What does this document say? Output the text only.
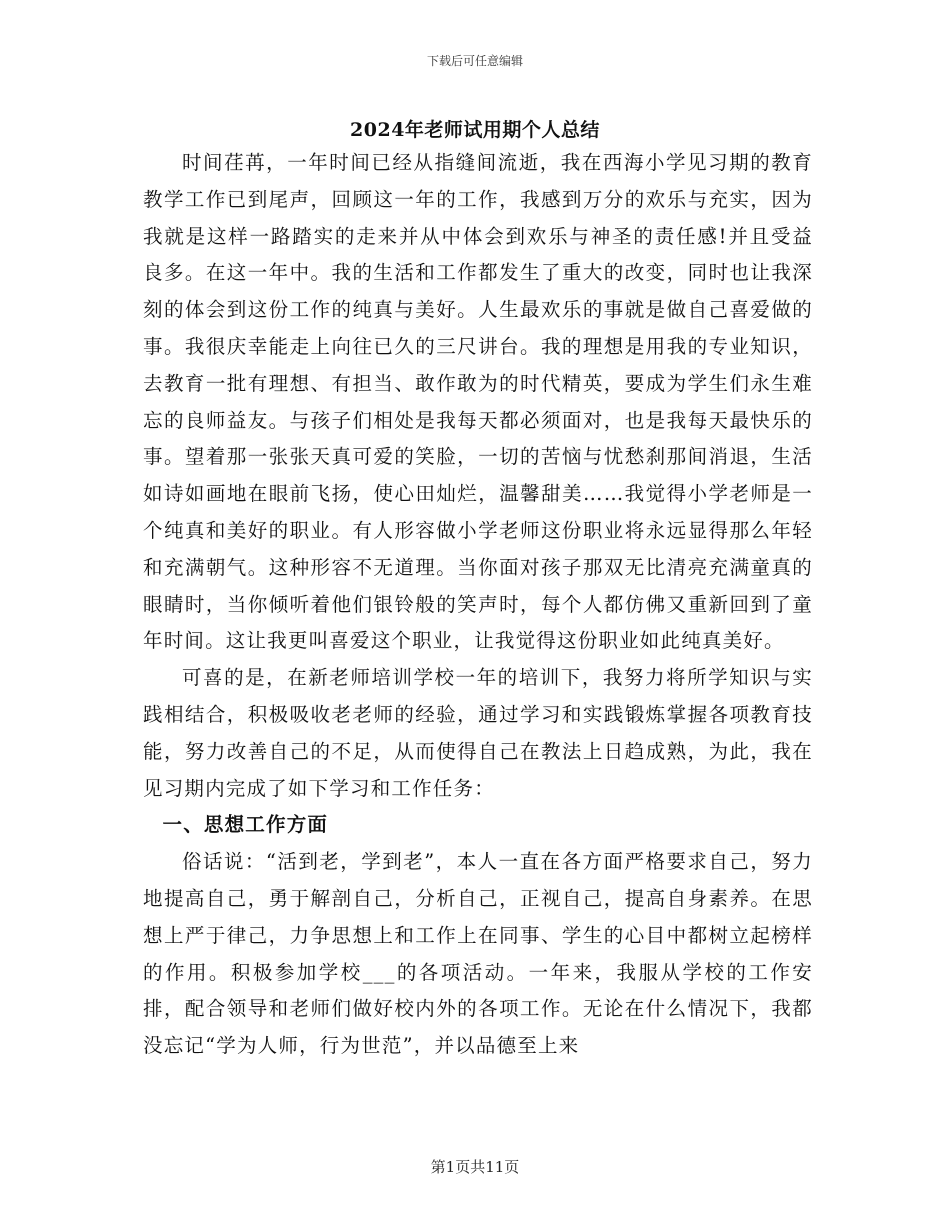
下载后可任意编辑
2024年老师试用期个人总结

时间荏苒，一年时间已经从指缝间流逝，我在西海小学见习期的教育教学工作已到尾声，回顾这一年的工作，我感到万分的欢乐与充实，因为我就是这样一路踏实的走来并从中体会到欢乐与神圣的责任感!并且受益良多。在这一年中。我的生活和工作都发生了重大的改变，同时也让我深刻的体会到这份工作的纯真与美好。人生最欢乐的事就是做自己喜爱做的事。我很庆幸能走上向往已久的三尺讲台。我的理想是用我的专业知识，去教育一批有理想、有担当、敢作敢为的时代精英，要成为学生们永生难忘的良师益友。与孩子们相处是我每天都必须面对，也是我每天最快乐的事。望着那一张张天真可爱的笑脸，一切的苦恼与忧愁刹那间消退，生活如诗如画地在眼前飞扬，使心田灿烂，温馨甜美……我觉得小学老师是一个纯真和美好的职业。有人形容做小学老师这份职业将永远显得那么年轻和充满朝气。这种形容不无道理。当你面对孩子那双无比清亮充满童真的眼睛时，当你倾听着他们银铃般的笑声时，每个人都仿佛又重新回到了童年时间。这让我更叫喜爱这个职业，让我觉得这份职业如此纯真美好。

可喜的是，在新老师培训学校一年的培训下，我努力将所学知识与实践相结合，积极吸收老老师的经验，通过学习和实践锻炼掌握各项教育技能，努力改善自己的不足，从而使得自己在教法上日趋成熟，为此，我在见习期内完成了如下学习和工作任务：

一、思想工作方面

俗话说：“活到老，学到老”，本人一直在各方面严格要求自己，努力地提高自己，勇于解剖自己，分析自己，正视自己，提高自身素养。在思想上严于律己，力争思想上和工作上在同事、学生的心目中都树立起榜样的作用。积极参加学校___的各项活动。一年来，我服从学校的工作安排，配合领导和老师们做好校内外的各项工作。无论在什么情况下，我都没忘记“学为人师，行为世范”，并以品德至上来

第1页共11页
